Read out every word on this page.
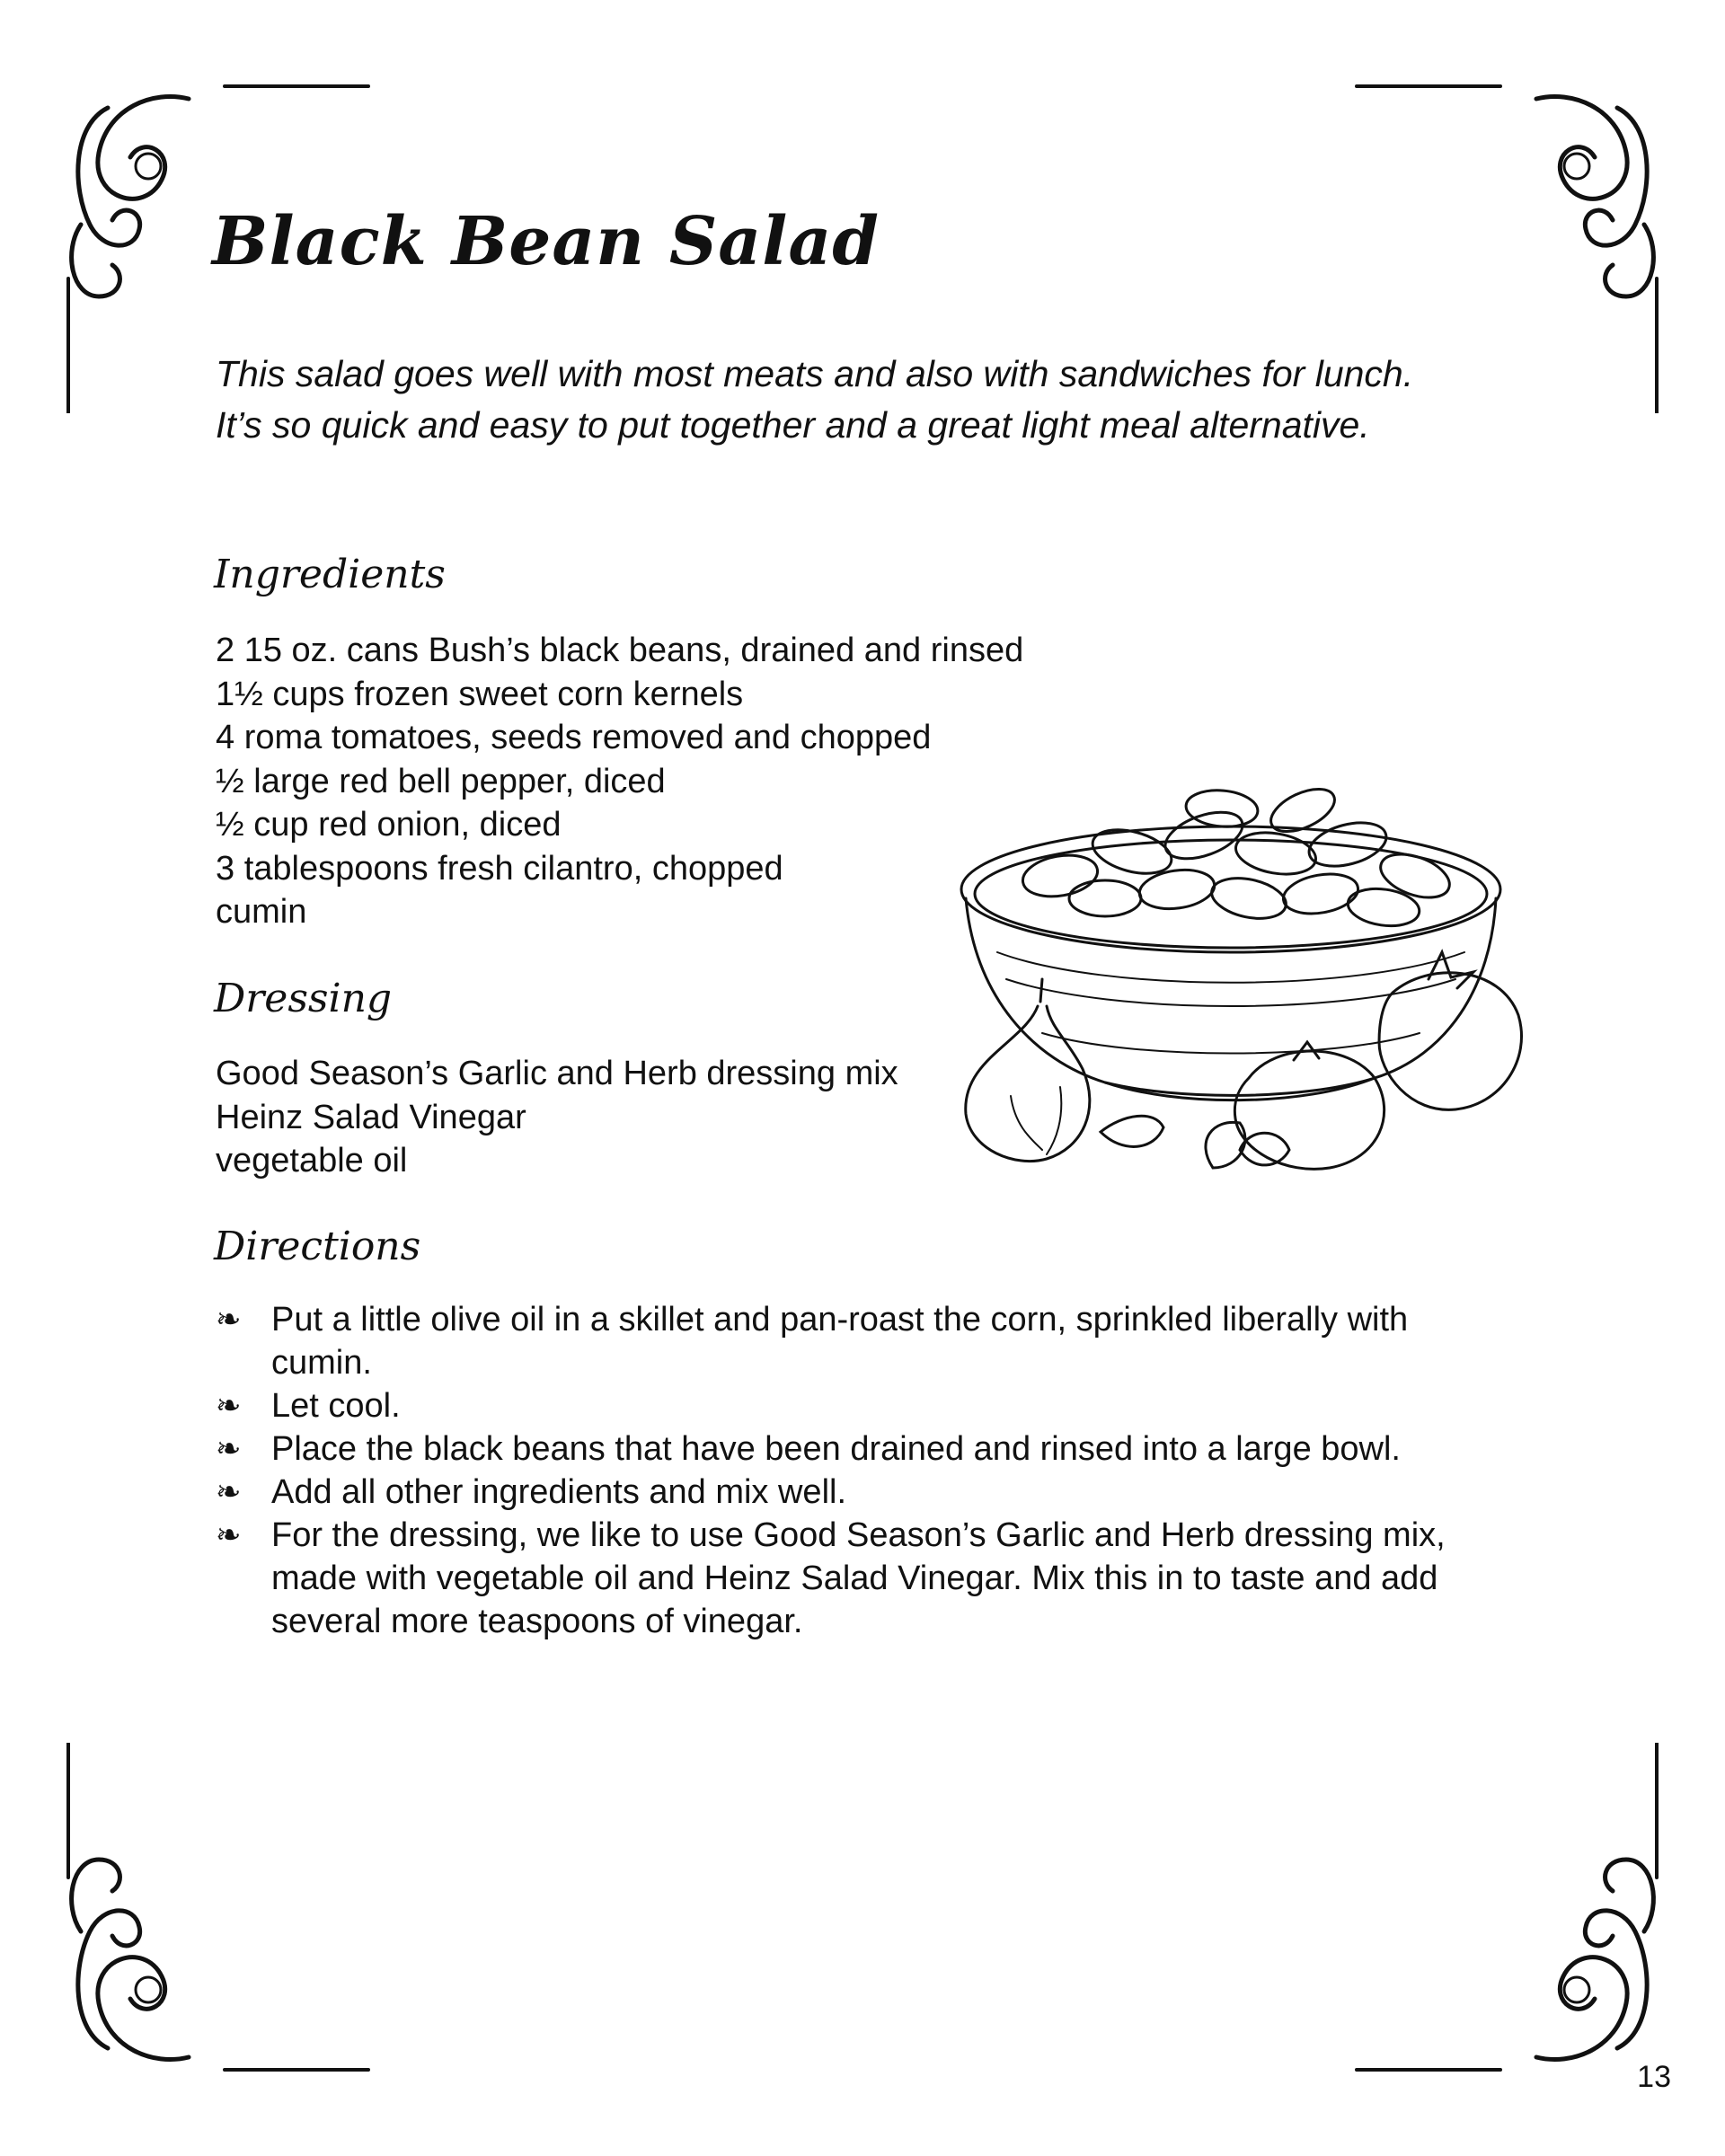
Black Bean Salad

This salad goes well with most meats and also with sandwiches for lunch. It’s so quick and easy to put together and a great light meal alternative.

Ingredients
2 15 oz. cans Bush’s black beans, drained and rinsed
1½ cups frozen sweet corn kernels
4 roma tomatoes, seeds removed and chopped
½ large red bell pepper, diced
½ cup red onion, diced
3 tablespoons fresh cilantro, chopped
cumin
Dressing
Good Season’s Garlic and Herb dressing mix
Heinz Salad Vinegar
vegetable oil
Directions
❧ Put a little olive oil in a skillet and pan-roast the corn, sprinkled liberally with cumin.
❧ Let cool.
❧ Place the black beans that have been drained and rinsed into a large bowl.
❧ Add all other ingredients and mix well.
❧ For the dressing, we like to use Good Season’s Garlic and Herb dressing mix, made with vegetable oil and Heinz Salad Vinegar. Mix this in to taste and add several more teaspoons of vinegar.
13
